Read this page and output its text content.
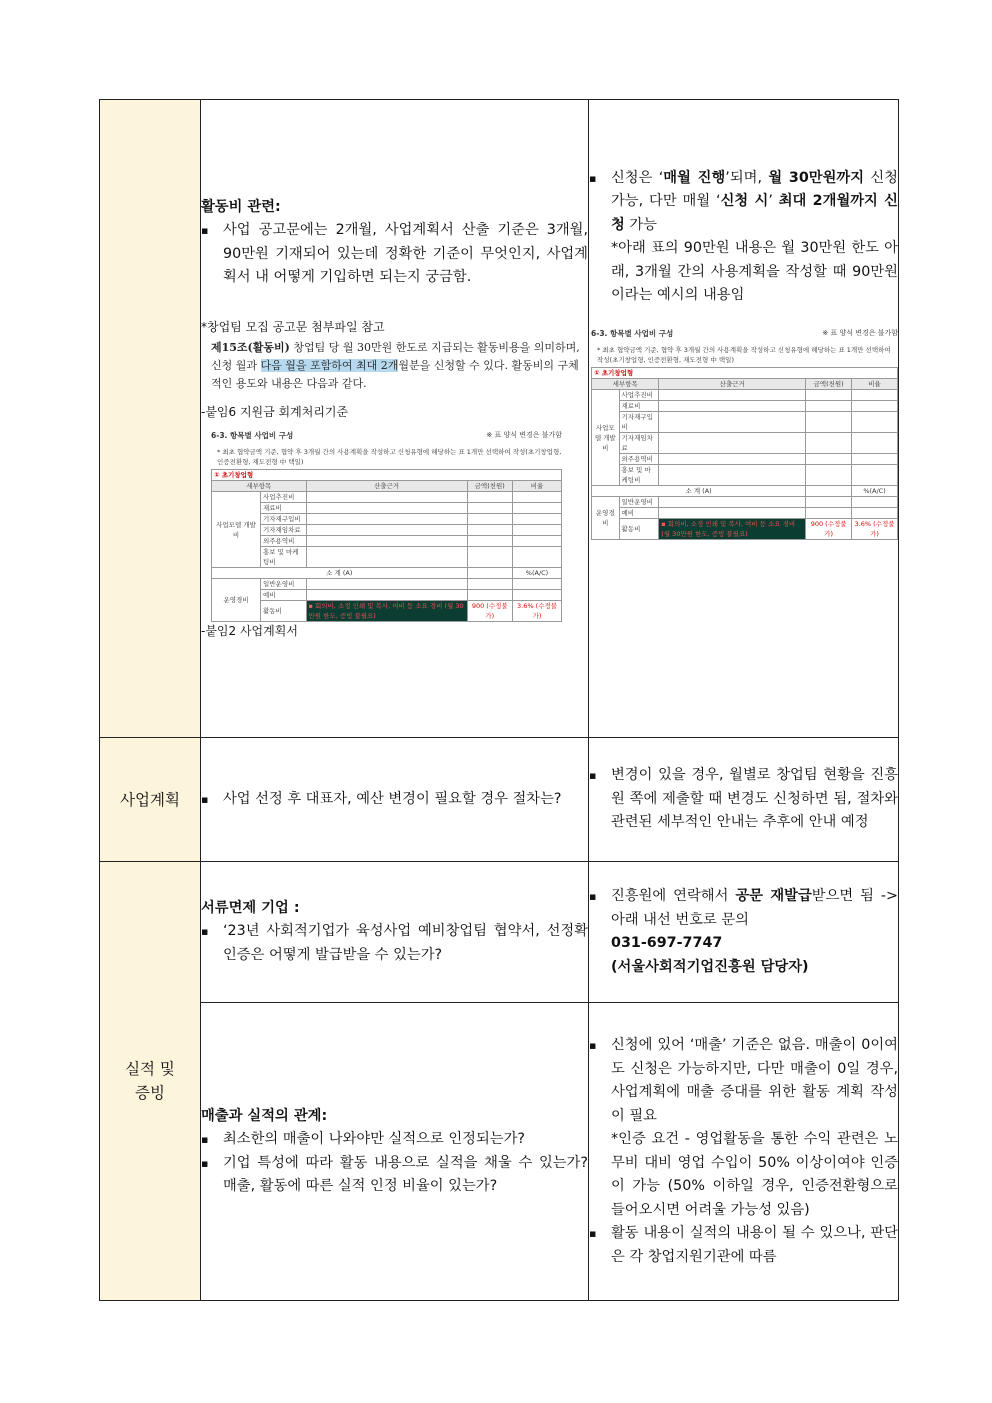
활동비 관련:
▪ 사업 공고문에는 2개월, 사업계획서 산출 기준은 3개월, 90만원 기재되어 있는데 정확한 기준이 무엇인지, 사업계획서 내 어떻게 기입하면 되는지 궁금함.
*창업팀 모집 공고문 첨부파일 참고
제15조(활동비) 창업팀 당 월 30만원 한도로 지급되는 활동비용을 의미하며, 신청 월과 다음 월을 포함하여 최대 2개월분을 신청할 수 있다. 활동비의 구체적인 용도와 내용은 다음과 같다.
-붙임6 지원금 회계처리기준
6-3. 항목별 사업비 구성	※ 표 양식 변경은 불가함
* 최초 협약금액 기준, 협약 후 3개월 간의 사용계획을 작성하고 신청유형에 해당하는 표 1개만 선택하여 작성(초기창업형, 인증전환형, 재도전형 中 택일)
① 초기창업형
세부항목	산출근거	금액(천원)	비율
사업모델 개발비	사업추진비			
재료비			
기자재구입비			
기자재임차료			
외주용역비			
홍보 및 마케팅비			
소 계 (A)		%(A/C)
운영경비	일반운영비			
예비			
활동비	▪ 회의비, 소정 인쇄 및 복사, 여비 등 소요 경비 (월 30만원 한도, 증빙 불필요)	900 (수정불가)	3.6% (수정불가)
-붙임2 사업계획서

▪ 신청은 ‘매월 진행’되며, 월 30만원까지 신청 가능, 다만 매월 ‘신청 시’ 최대 2개월까지 신청 가능
*아래 표의 90만원 내용은 월 30만원 한도 아래, 3개월 간의 사용계획을 작성할 때 90만원이라는 예시의 내용임
6-3. 항목별 사업비 구성	※ 표 양식 변경은 불가함
* 최초 협약금액 기준, 협약 후 3개월 간의 사용계획을 작성하고 신청유형에 해당하는 표 1개만 선택하여 작성(초기창업형, 인증전환형, 재도전형 中 택일)
① 초기창업형
세부항목	산출근거	금액(천원)	비율
사업모델 개발비	사업추진비			
재료비			
기자재구입비			
기자재임차료			
외주용역비			
홍보 및 마케팅비			
소 계 (A)		%(A/C)
운영경비	일반운영비			
예비			
활동비	▪ 회의비, 소정 인쇄 및 복사, 여비 등 소요 경비 (월 30만원 한도, 증빙 불필요)	900 (수정불가)	3.6% (수정불가)

사업계획	
▪사업 선정 후 대표자, 예산 변경이 필요할 경우 절차는?

▪ 변경이 있을 경우, 월별로 창업팀 현황을 진흥원 쪽에 제출할 때 변경도 신청하면 됨, 절차와 관련된 세부적인 안내는 추후에 안내 예정

실적 및 증빙	
서류면제 기업 :
▪ ‘23년 사회적기업가 육성사업 예비창업팀 협약서, 선정확인증은 어떻게 발급받을 수 있는가?

▪ 진흥원에 연락해서 공문 재발급받으면 됨 -> 아래 내선 번호로 문의
031-697-7747
(서울사회적기업진흥원 담당자)

매출과 실적의 관계:
▪ 최소한의 매출이 나와야만 실적으로 인정되는가?
▪ 기업 특성에 따라 활동 내용으로 실적을 채울 수 있는가? 매출, 활동에 따른 실적 인정 비율이 있는가?

▪ 신청에 있어 ‘매출’ 기준은 없음. 매출이 0이여도 신청은 가능하지만, 다만 매출이 0일 경우, 사업계획에 매출 증대를 위한 활동 계획 작성이 필요
*인증 요건 - 영업활동을 통한 수익 관련은 노무비 대비 영업 수입이 50% 이상이여야 인증이 가능 (50% 이하일 경우, 인증전환형으로 들어오시면 어려울 가능성 있음)
▪ 활동 내용이 실적의 내용이 될 수 있으나, 판단은 각 창업지원기관에 따름
